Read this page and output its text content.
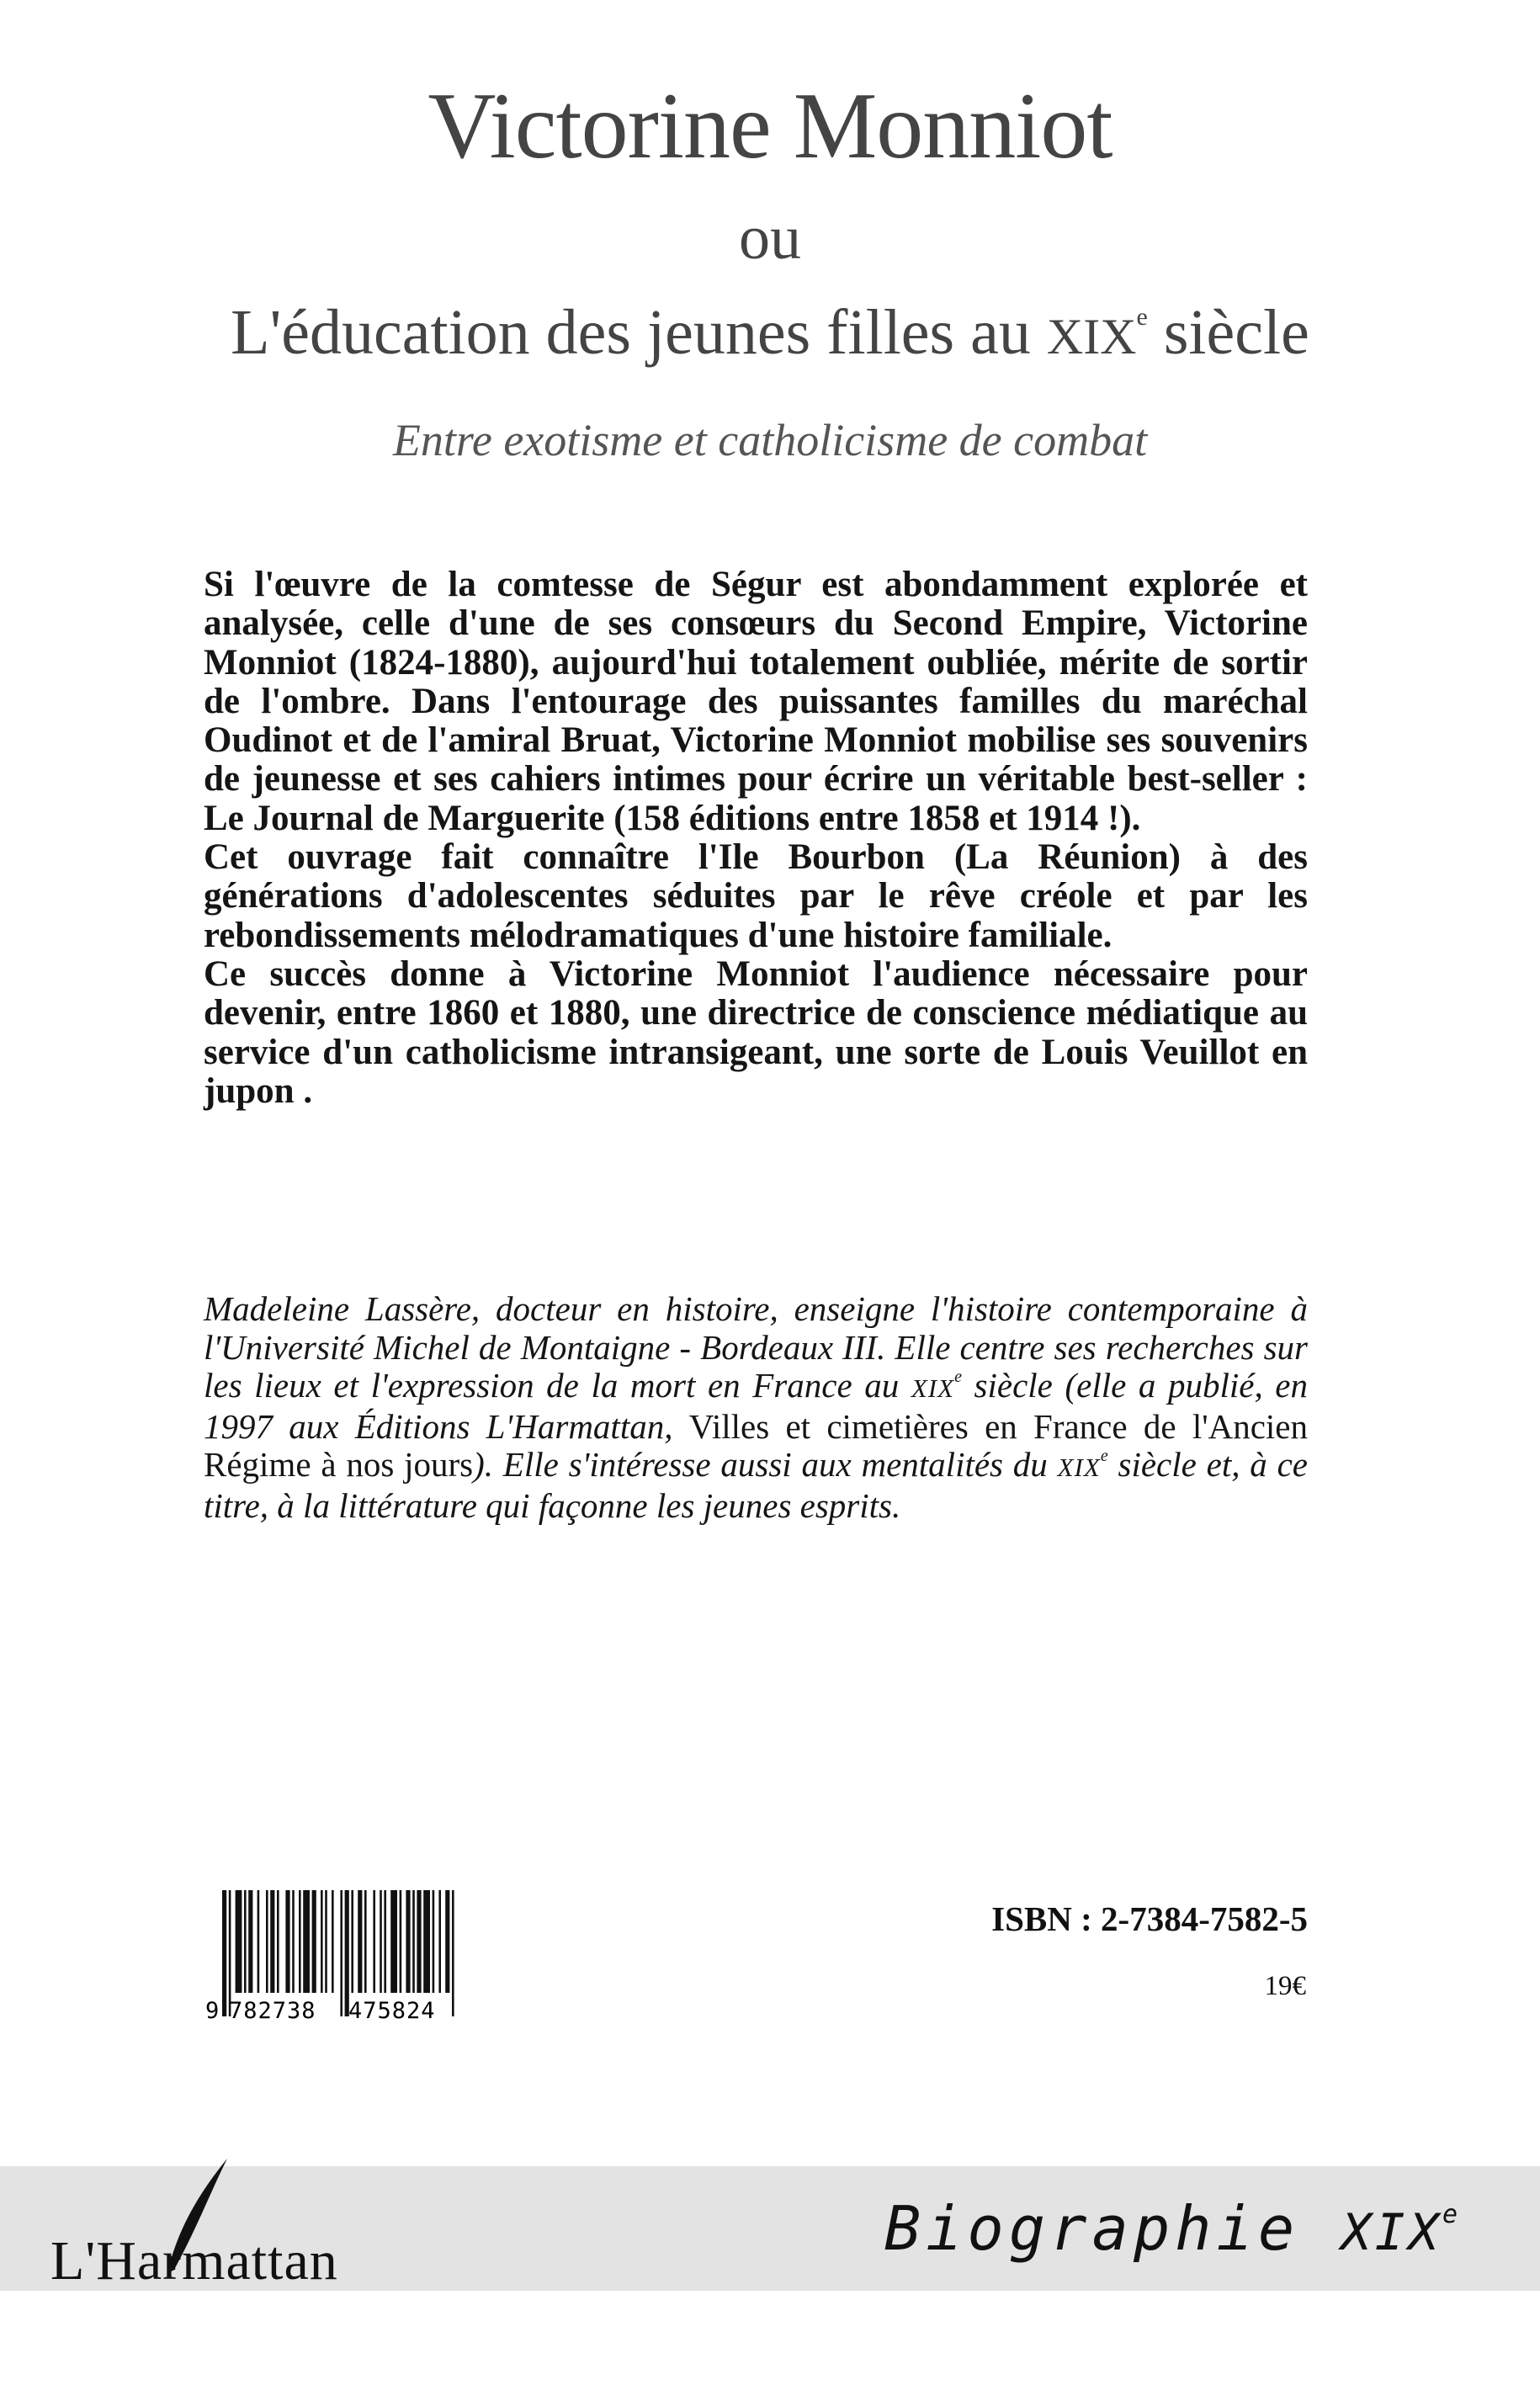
Victorine Monniot
ou
L'éducation des jeunes filles au XIXe siècle
Entre exotisme et catholicisme de combat

Si l'œuvre de la comtesse de Ségur est abondamment explorée et analysée, celle d'une de ses consœurs du Second Empire, Victorine Monniot (1824-1880), aujourd'hui totalement oubliée, mérite de sortir de l'ombre. Dans l'entourage des puissantes familles du maréchal Oudinot et de l'amiral Bruat, Victorine Monniot mobilise ses souvenirs de jeunesse et ses cahiers intimes pour écrire un véritable best-seller : Le Journal de Marguerite (158 éditions entre 1858 et 1914 !).

Cet ouvrage fait connaître l'Ile Bourbon (La Réunion) à des générations d'adolescentes séduites par le rêve créole et par les rebondissements mélodramatiques d'une histoire familiale.

Ce succès donne à Victorine Monniot l'audience nécessaire pour devenir, entre 1860 et 1880, une directrice de conscience médiatique au service d'un catholicisme intransigeant, une sorte de Louis Veuillot en jupon .

Madeleine Lassère, docteur en histoire, enseigne l'histoire contemporaine à l'Université Michel de Montaigne - Bordeaux III. Elle centre ses recherches sur les lieux et l'expression de la mort en France au XIXe siècle (elle a publié, en 1997 aux Éditions L'Harmattan, Villes et cimetières en France de l'Ancien Régime à nos jours). Elle s'intéresse aussi aux mentalités du XIXe siècle et, à ce titre, à la littérature qui façonne les jeunes esprits.
9 782738 475824
ISBN : 2-7384-7582-5
19€
L'Harmattan	Biographie XIXe
